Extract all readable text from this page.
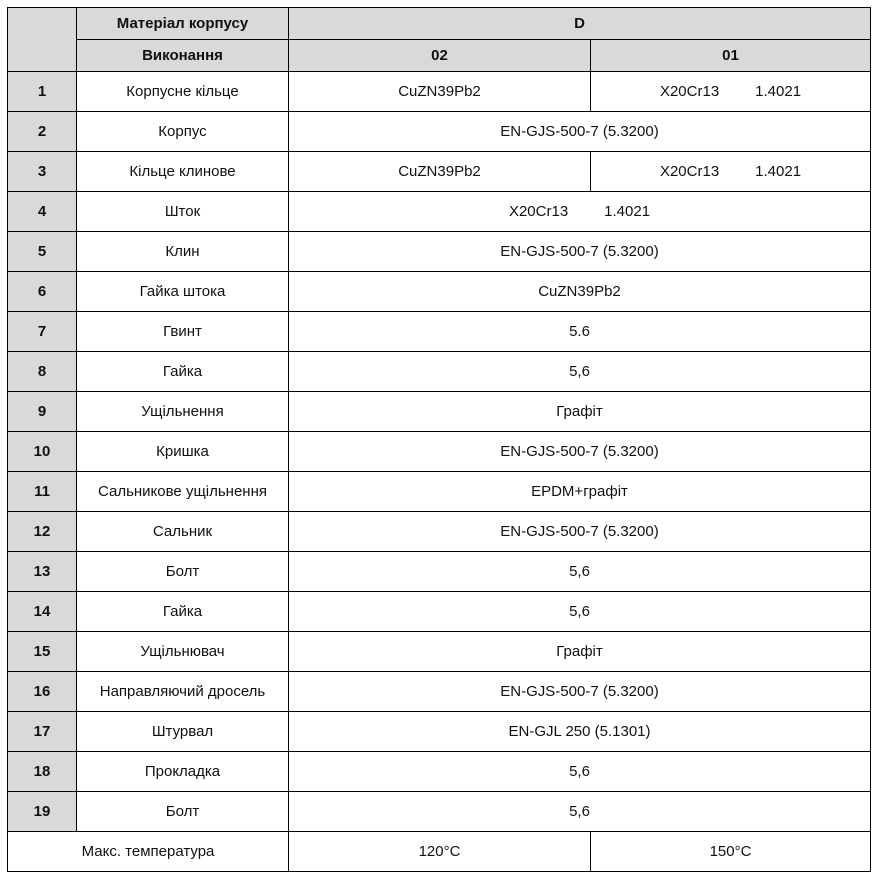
	Матеріал корпусу	D	
	Виконання	02	01
1	Корпусне кільце	CuZN39Pb2	X20Cr13 1.4021
2	Корпус	EN-GJS-500-7 (5.3200)	
3	Кільце клинове	CuZN39Pb2	X20Cr13 1.4021
4	Шток	X20Cr13 1.4021	
5	Клин	EN-GJS-500-7 (5.3200)	
6	Гайка штока	CuZN39Pb2	
7	Гвинт	5.6	
8	Гайка	5,6	
9	Ущільнення	Графіт	
10	Кришка	EN-GJS-500-7 (5.3200)	
11	Сальникове ущільнення	EPDM+графіт	
12	Сальник	EN-GJS-500-7 (5.3200)	
13	Болт	5,6	
14	Гайка	5,6	
15	Ущільнювач	Графіт	
16	Направляючий дросель	EN-GJS-500-7 (5.3200)	
17	Штурвал	EN-GJL 250 (5.1301)	
18	Прокладка	5,6	
19	Болт	5,6	
Макс. температура		120°C	150°C
